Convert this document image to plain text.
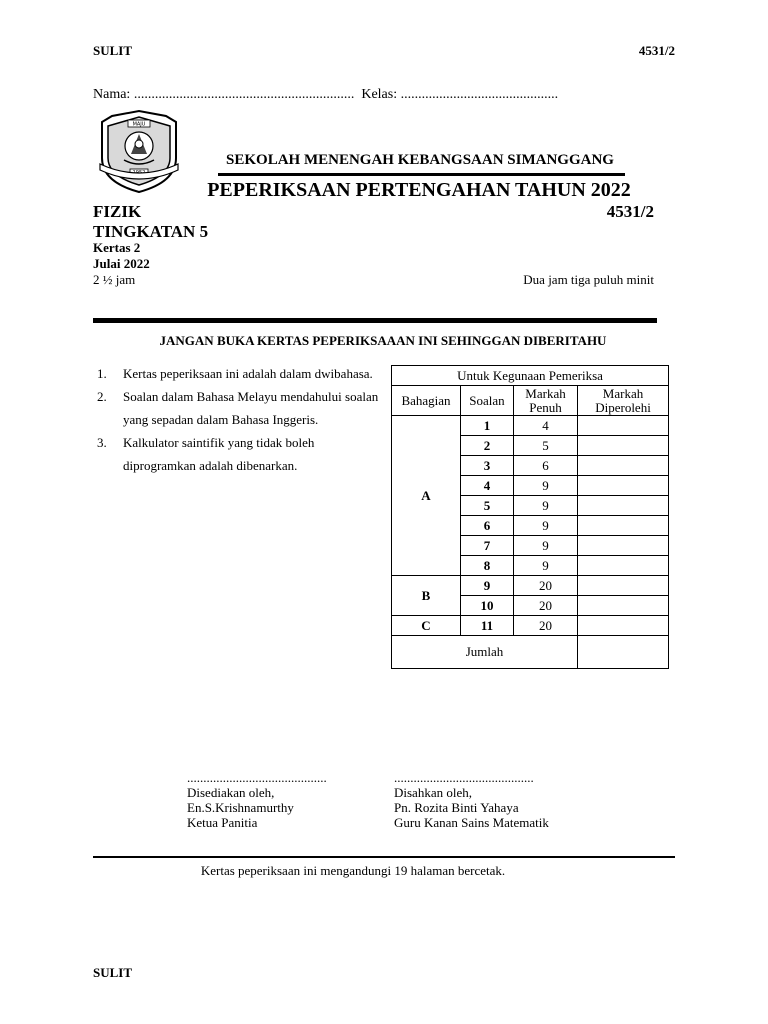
SULIT	4531/2
Nama: ............................................................... Kelas: .............................................
MAJU
SEKOLAH MENENGAH KEBANGSAAN SIMANGGANG
PEPERIKSAAN PERTENGAHAN TAHUN 2022
FIZIK	4531/2
TINGKATAN 5
Kertas 2
Julai 2022
2 ½ jam	Dua jam tiga puluh minit
JANGAN BUKA KERTAS PEPERIKSAAAN INI SEHINGGAN DIBERITAHU
1.	Kertas peperiksaan ini adalah dalam dwibahasa.
2.	Soalan dalam Bahasa Melayu mendahului soalan yang sepadan dalam Bahasa Inggeris.
3.	Kalkulator saintifik yang tidak boleh diprogramkan adalah dibenarkan.
Untuk Kegunaan Pemeriksa			
Bahagian	Soalan	Markah Penuh	Markah Diperolehi
A	1	4	
	2	5	
	3	6	
	4	9	
	5	9	
	6	9	
	7	9	
	8	9	
B	9	20	
	10	20	
C	11	20	
Jumlah			
...........................................
Disediakan oleh,
En.S.Krishnamurthy
Ketua Panitia
...........................................
Disahkan oleh,
Pn. Rozita Binti Yahaya
Guru Kanan Sains Matematik
Kertas peperiksaan ini mengandungi 19 halaman bercetak.
SULIT
